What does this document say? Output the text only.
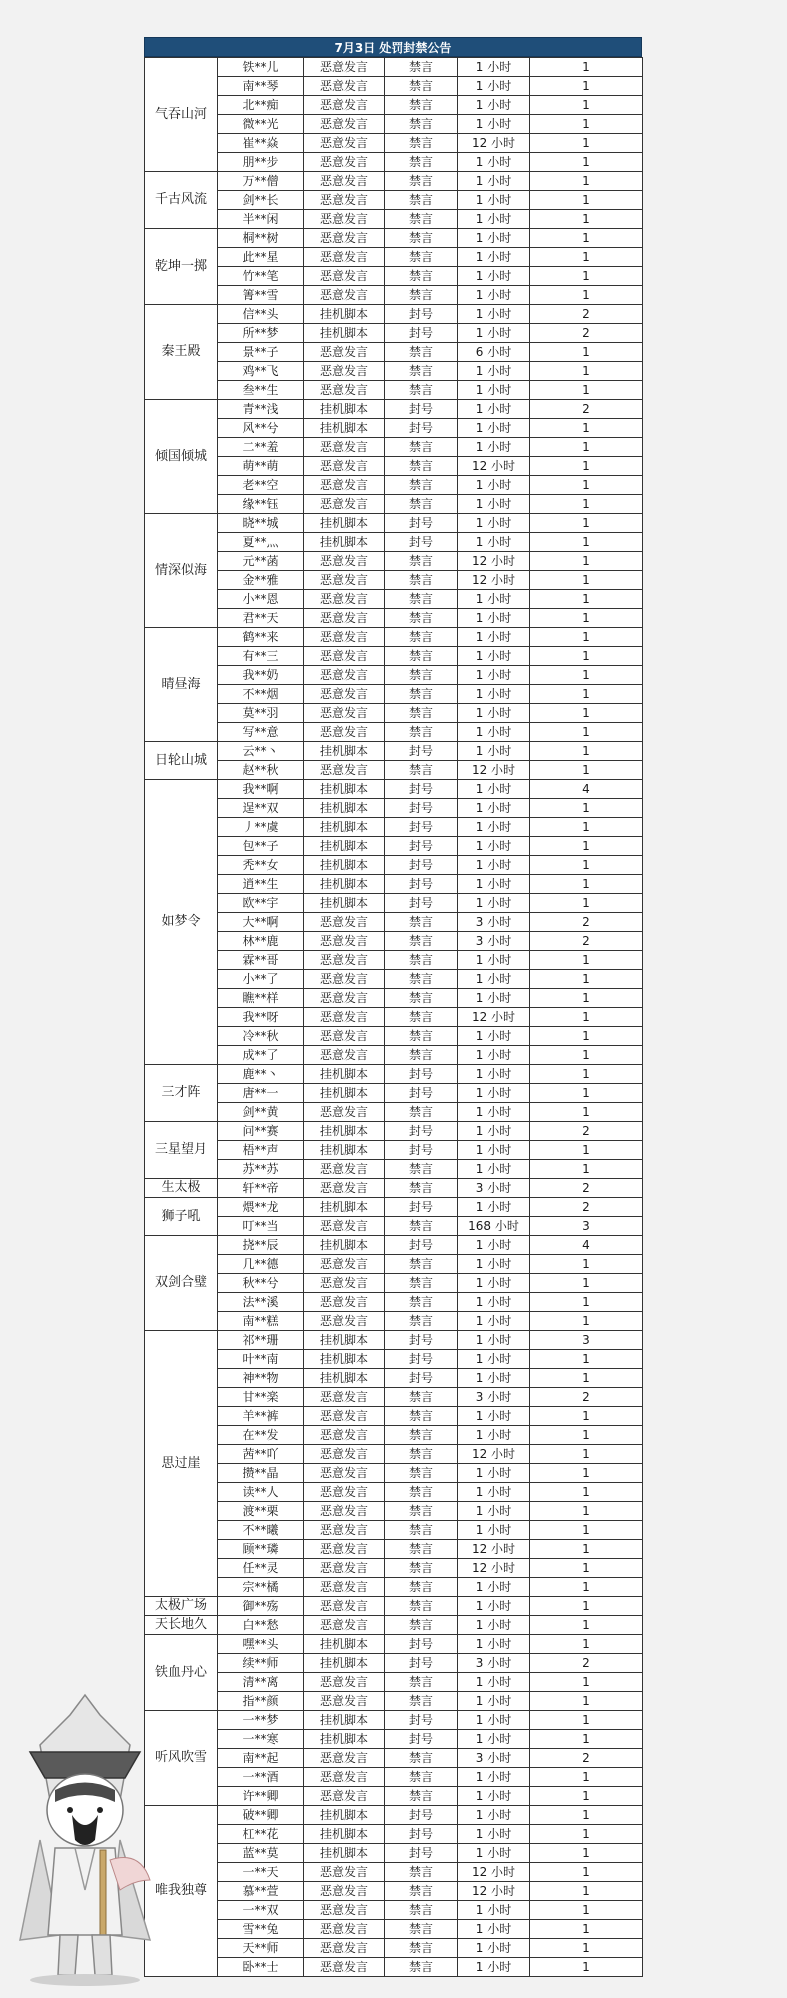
7月3日 处罚封禁公告
气吞山河	铁**儿	恶意发言	禁言	1 小时	1
	南**琴	恶意发言	禁言	1 小时	1
	北**痴	恶意发言	禁言	1 小时	1
	微**光	恶意发言	禁言	1 小时	1
	崔**焱	恶意发言	禁言	12 小时	1
	朋**步	恶意发言	禁言	1 小时	1
千古风流	万**僧	恶意发言	禁言	1 小时	1
	剑**长	恶意发言	禁言	1 小时	1
	半**闲	恶意发言	禁言	1 小时	1
乾坤一掷	桐**树	恶意发言	禁言	1 小时	1
	此**星	恶意发言	禁言	1 小时	1
	竹**笔	恶意发言	禁言	1 小时	1
	箐**雪	恶意发言	禁言	1 小时	1
秦王殿	信**头	挂机脚本	封号	1 小时	2
	所**梦	挂机脚本	封号	1 小时	2
	景**子	恶意发言	禁言	6 小时	1
	鸡**飞	恶意发言	禁言	1 小时	1
	叁**生	恶意发言	禁言	1 小时	1
倾国倾城	青**浅	挂机脚本	封号	1 小时	2
	风**兮	挂机脚本	封号	1 小时	1
	二**羞	恶意发言	禁言	1 小时	1
	萌**萌	恶意发言	禁言	12 小时	1
	老**空	恶意发言	禁言	1 小时	1
	缘**钰	恶意发言	禁言	1 小时	1
情深似海	晓**城	挂机脚本	封号	1 小时	1
	夏**灬	挂机脚本	封号	1 小时	1
	元**菡	恶意发言	禁言	12 小时	1
	金**雅	恶意发言	禁言	12 小时	1
	小**恩	恶意发言	禁言	1 小时	1
	君**天	恶意发言	禁言	1 小时	1
晴昼海	鹤**来	恶意发言	禁言	1 小时	1
	有**三	恶意发言	禁言	1 小时	1
	我**奶	恶意发言	禁言	1 小时	1
	不**烟	恶意发言	禁言	1 小时	1
	莫**羽	恶意发言	禁言	1 小时	1
	写**意	恶意发言	禁言	1 小时	1
日轮山城	云**丶	挂机脚本	封号	1 小时	1
	赵**秋	恶意发言	禁言	12 小时	1
如梦令	我**啊	挂机脚本	封号	1 小时	4
	逞**双	挂机脚本	封号	1 小时	1
	丿**虞	挂机脚本	封号	1 小时	1
	包**子	挂机脚本	封号	1 小时	1
	秃**女	挂机脚本	封号	1 小时	1
	逍**生	挂机脚本	封号	1 小时	1
	欧**宇	挂机脚本	封号	1 小时	1
	大**啊	恶意发言	禁言	3 小时	2
	林**鹿	恶意发言	禁言	3 小时	2
	霖**哥	恶意发言	禁言	1 小时	1
	小**了	恶意发言	禁言	1 小时	1
	瞧**样	恶意发言	禁言	1 小时	1
	我**呀	恶意发言	禁言	12 小时	1
	冷**秋	恶意发言	禁言	1 小时	1
	成**了	恶意发言	禁言	1 小时	1
三才阵	鹿**丶	挂机脚本	封号	1 小时	1
	唐**一	挂机脚本	封号	1 小时	1
	剑**黄	恶意发言	禁言	1 小时	1
三星望月	问**赛	挂机脚本	封号	1 小时	2
	梧**声	挂机脚本	封号	1 小时	1
	苏**苏	恶意发言	禁言	1 小时	1
生太极	轩**帝	恶意发言	禁言	3 小时	2
狮子吼	煨**龙	挂机脚本	封号	1 小时	2
	叮**当	恶意发言	禁言	168 小时	3
双剑合璧	挠**辰	挂机脚本	封号	1 小时	4
	几**德	恶意发言	禁言	1 小时	1
	秋**兮	恶意发言	禁言	1 小时	1
	法**溪	恶意发言	禁言	1 小时	1
	南**糕	恶意发言	禁言	1 小时	1
思过崖	祁**珊	挂机脚本	封号	1 小时	3
	叶**南	挂机脚本	封号	1 小时	1
	神**物	挂机脚本	封号	1 小时	1
	甘**楽	恶意发言	禁言	3 小时	2
	羊**裤	恶意发言	禁言	1 小时	1
	在**发	恶意发言	禁言	1 小时	1
	茜**吖	恶意发言	禁言	12 小时	1
	攒**晶	恶意发言	禁言	1 小时	1
	读**人	恶意发言	禁言	1 小时	1
	渡**栗	恶意发言	禁言	1 小时	1
	不**曦	恶意发言	禁言	1 小时	1
	顾**璘	恶意发言	禁言	12 小时	1
	任**灵	恶意发言	禁言	12 小时	1
	宗**橘	恶意发言	禁言	1 小时	1
太极广场	御**殇	恶意发言	禁言	1 小时	1
天长地久	白**愁	恶意发言	禁言	1 小时	1
铁血丹心	嘿**头	挂机脚本	封号	1 小时	1
	续**师	挂机脚本	封号	3 小时	2
	清**离	恶意发言	禁言	1 小时	1
	指**颜	恶意发言	禁言	1 小时	1
听风吹雪	一**梦	挂机脚本	封号	1 小时	1
	一**寒	挂机脚本	封号	1 小时	1
	南**起	恶意发言	禁言	3 小时	2
	一**酒	恶意发言	禁言	1 小时	1
	许**卿	恶意发言	禁言	1 小时	1
唯我独尊	破**卿	挂机脚本	封号	1 小时	1
	杠**花	挂机脚本	封号	1 小时	1
	蓝**莫	挂机脚本	封号	1 小时	1
	一**天	恶意发言	禁言	12 小时	1
	慕**萱	恶意发言	禁言	12 小时	1
	一**双	恶意发言	禁言	1 小时	1
	雪**兔	恶意发言	禁言	1 小时	1
	天**师	恶意发言	禁言	1 小时	1
	卧**士	恶意发言	禁言	1 小时	1
